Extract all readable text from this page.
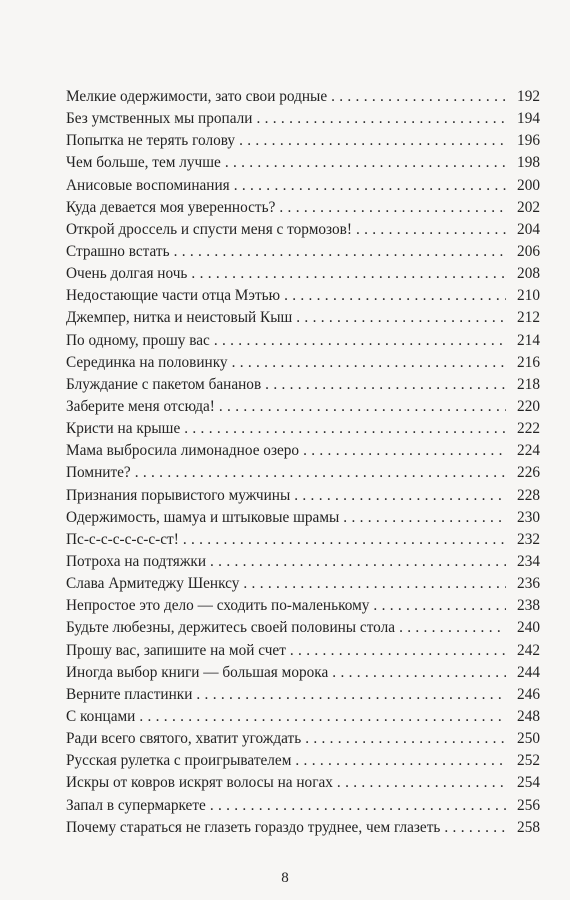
Мелкие одержимости, зато свои родные . . .	192
Без умственных мы пропали . . .	194
Попытка не терять голову . . .	196
Чем больше, тем лучше . . .	198
Анисовые воспоминания . . .	200
Куда девается моя уверенность? . . .	202
Открой дроссель и спусти меня с тормозов! . . .	204
Страшно встать . . .	206
Очень долгая ночь . . .	208
Недостающие части отца Мэтью . . .	210
Джемпер, нитка и неистовый Кыш . . .	212
По одному, прошу вас . . .	214
Серединка на половинку . . .	216
Блуждание с пакетом бананов . . .	218
Заберите меня отсюда! . . .	220
Кристи на крыше . . .	222
Мама выбросила лимонадное озеро . . .	224
Помните? . . .	226
Признания порывистого мужчины . . .	228
Одержимость, шамуа и штыковые шрамы . . .	230
Пс-с-с-с-с-с-с-ст! . . .	232
Потроха на подтяжки . . .	234
Слава Армитеджу Шенксу . . .	236
Непростое это дело — сходить по-маленькому . . .	238
Будьте любезны, держитесь своей половины стола . . .	240
Прошу вас, запишите на мой счет . . .	242
Иногда выбор книги — большая морока . . .	244
Верните пластинки . . .	246
С концами . . .	248
Ради всего святого, хватит угождать . . .	250
Русская рулетка с проигрывателем . . .	252
Искры от ковров искрят волосы на ногах . . .	254
Запал в супермаркете . . .	256
Почему стараться не глазеть гораздо труднее, чем глазеть . . .	258
8
